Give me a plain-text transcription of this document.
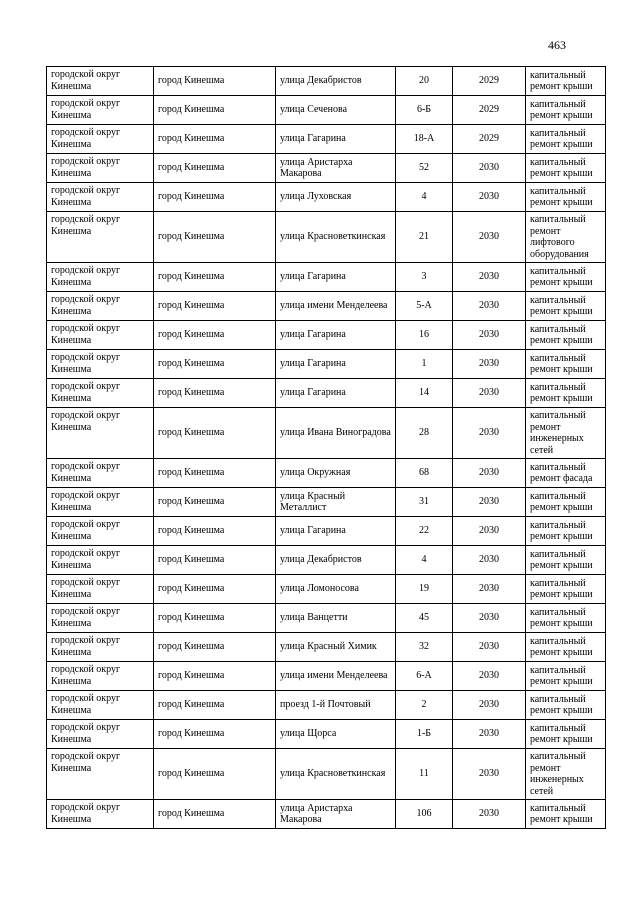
463
городской округ Кинешма	город Кинешма	улица Декабристов	20	2029	капитальный ремонт крыши
городской округ Кинешма	город Кинешма	улица Сеченова	6-Б	2029	капитальный ремонт крыши
городской округ Кинешма	город Кинешма	улица Гагарина	18-А	2029	капитальный ремонт крыши
городской округ Кинешма	город Кинешма	улица Аристарха Макарова	52	2030	капитальный ремонт крыши
городской округ Кинешма	город Кинешма	улица Луховская	4	2030	капитальный ремонт крыши
городской округ Кинешма	город Кинешма	улица Красноветкинская	21	2030	капитальный ремонт лифтового оборудования
городской округ Кинешма	город Кинешма	улица Гагарина	3	2030	капитальный ремонт крыши
городской округ Кинешма	город Кинешма	улица имени Менделеева	5-А	2030	капитальный ремонт крыши
городской округ Кинешма	город Кинешма	улица Гагарина	16	2030	капитальный ремонт крыши
городской округ Кинешма	город Кинешма	улица Гагарина	1	2030	капитальный ремонт крыши
городской округ Кинешма	город Кинешма	улица Гагарина	14	2030	капитальный ремонт крыши
городской округ Кинешма	город Кинешма	улица Ивана Виноградова	28	2030	капитальный ремонт инженерных сетей
городской округ Кинешма	город Кинешма	улица Окружная	68	2030	капитальный ремонт фасада
городской округ Кинешма	город Кинешма	улица Красный Металлист	31	2030	капитальный ремонт крыши
городской округ Кинешма	город Кинешма	улица Гагарина	22	2030	капитальный ремонт крыши
городской округ Кинешма	город Кинешма	улица Декабристов	4	2030	капитальный ремонт крыши
городской округ Кинешма	город Кинешма	улица Ломоносова	19	2030	капитальный ремонт крыши
городской округ Кинешма	город Кинешма	улица Ванцетти	45	2030	капитальный ремонт крыши
городской округ Кинешма	город Кинешма	улица Красный Химик	32	2030	капитальный ремонт крыши
городской округ Кинешма	город Кинешма	улица имени Менделеева	6-А	2030	капитальный ремонт крыши
городской округ Кинешма	город Кинешма	проезд 1-й Почтовый	2	2030	капитальный ремонт крыши
городской округ Кинешма	город Кинешма	улица Щорса	1-Б	2030	капитальный ремонт крыши
городской округ Кинешма	город Кинешма	улица Красноветкинская	11	2030	капитальный ремонт инженерных сетей
городской округ Кинешма	город Кинешма	улица Аристарха Макарова	106	2030	капитальный ремонт крыши
